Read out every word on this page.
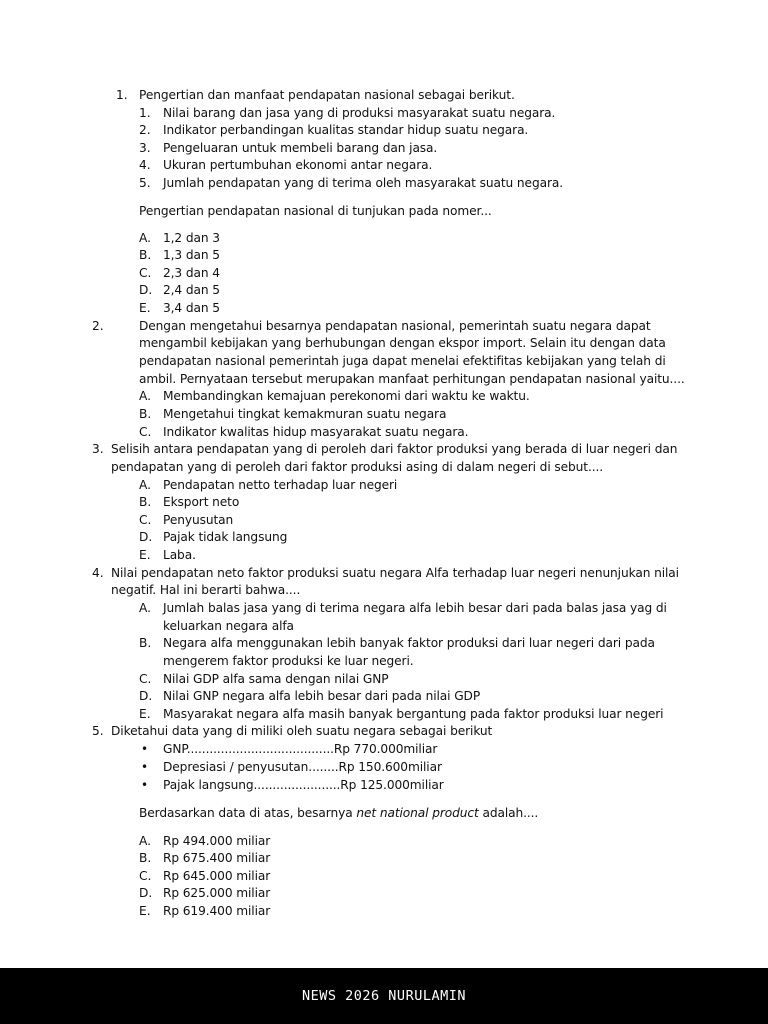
1. Pengertian dan manfaat pendapatan nasional sebagai berikut.
1. Nilai barang dan jasa yang di produksi masyarakat suatu negara.
2. Indikator perbandingan kualitas standar hidup suatu negara.
3. Pengeluaran untuk membeli barang dan jasa.
4. Ukuran pertumbuhan ekonomi antar negara.
5. Jumlah pendapatan yang di terima oleh masyarakat suatu negara.
Pengertian pendapatan nasional di tunjukan pada nomer...
A. 1,2 dan 3
B. 1,3 dan 5
C. 2,3 dan 4
D. 2,4 dan 5
E. 3,4 dan 5
2.	Dengan mengetahui besarnya pendapatan nasional, pemerintah suatu negara dapat
mengambil kebijakan yang berhubungan dengan ekspor import. Selain itu dengan data
pendapatan nasional pemerintah juga dapat menelai efektifitas kebijakan yang telah di
ambil. Pernyataan tersebut merupakan manfaat perhitungan pendapatan nasional yaitu....
A. Membandingkan kemajuan perekonomi dari waktu ke waktu.
B. Mengetahui tingkat kemakmuran suatu negara
C. Indikator kwalitas hidup masyarakat suatu negara.
3. Selisih antara pendapatan yang di peroleh dari faktor produksi yang berada di luar negeri dan
pendapatan yang di peroleh dari faktor produksi asing di dalam negeri di sebut....
A. Pendapatan netto terhadap luar negeri
B. Eksport neto
C. Penyusutan
D. Pajak tidak langsung
E. Laba.
4. Nilai pendapatan neto faktor produksi suatu negara Alfa terhadap luar negeri nenunjukan nilai
negatif. Hal ini berarti bahwa....
A. Jumlah balas jasa yang di terima negara alfa lebih besar dari pada balas jasa yag di
keluarkan negara alfa
B. Negara alfa menggunakan lebih banyak faktor produksi dari luar negeri dari pada
mengerem faktor produksi ke luar negeri.
C. Nilai GDP alfa sama dengan nilai GNP
D. Nilai GNP negara alfa lebih besar dari pada nilai GDP
E. Masyarakat negara alfa masih banyak bergantung pada faktor produksi luar negeri
5. Diketahui data yang di miliki oleh suatu negara sebagai berikut
• GNP.......................................Rp 770.000miliar
• Depresiasi / penyusutan........Rp 150.600miliar
• Pajak langsung.......................Rp 125.000miliar
Berdasarkan data di atas, besarnya net national product adalah....
A. Rp 494.000 miliar
B. Rp 675.400 miliar
C. Rp 645.000 miliar
D. Rp 625.000 miliar
E. Rp 619.400 miliar
NEWS 2026 NURULAMIN
